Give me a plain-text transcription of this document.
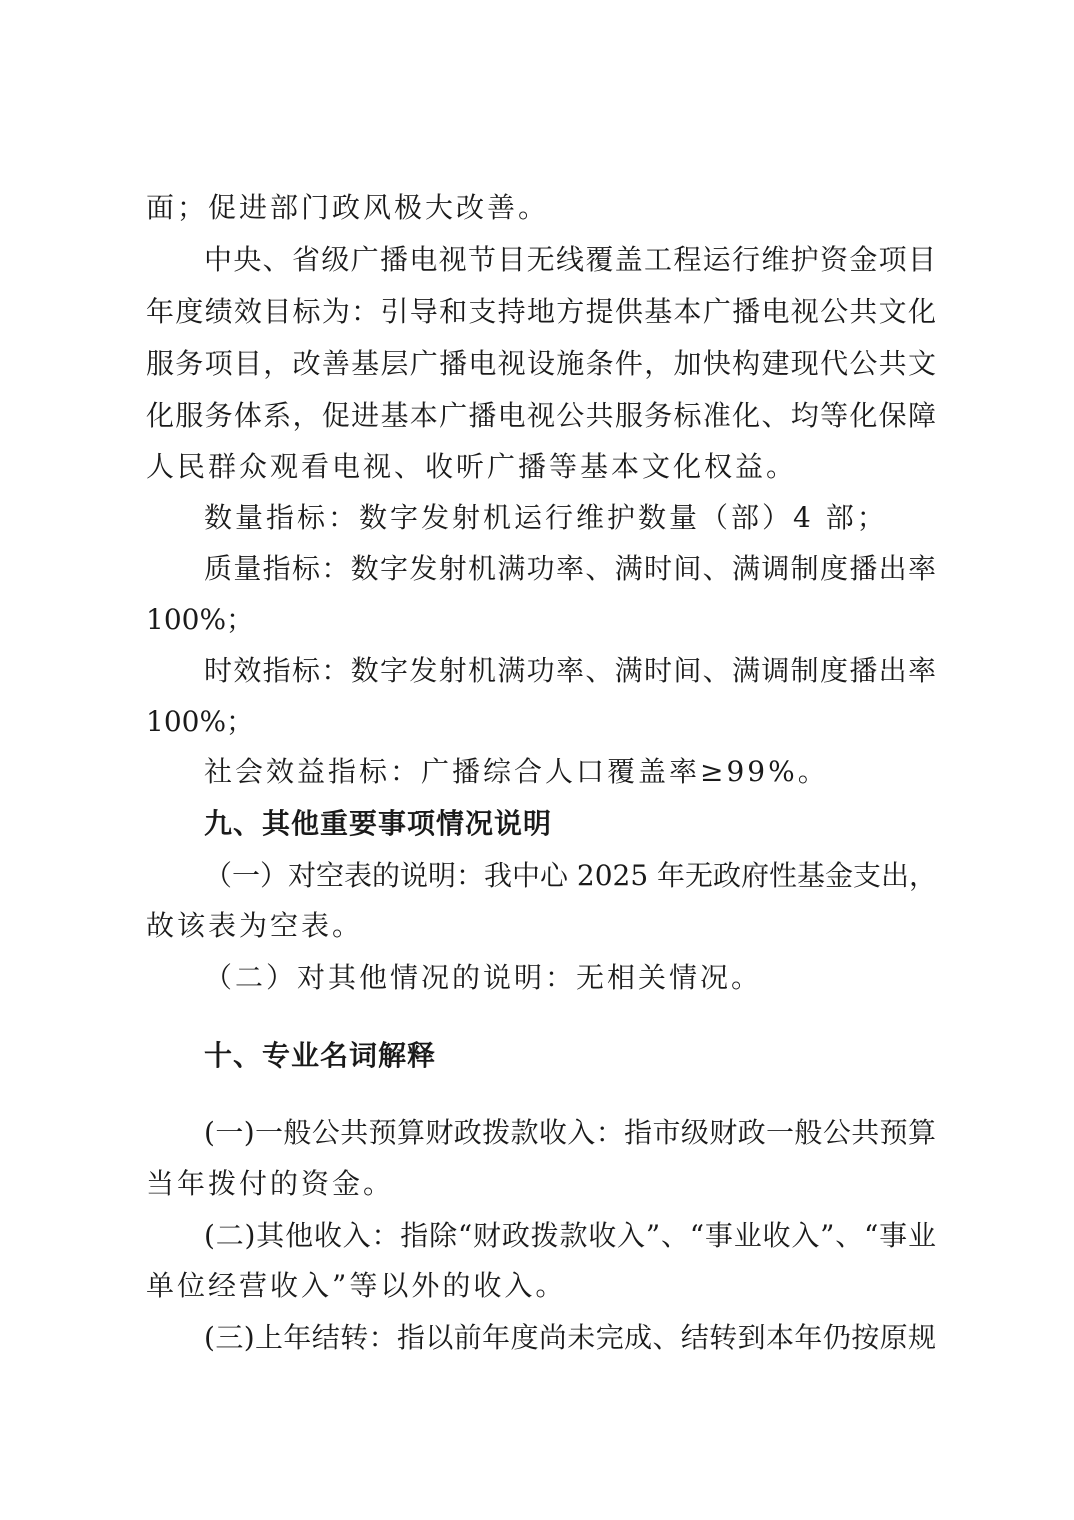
面；促进部门政风极大改善。
中央、省级广播电视节目无线覆盖工程运行维护资金项目
年度绩效目标为：引导和支持地方提供基本广播电视公共文化
服务项目，改善基层广播电视设施条件，加快构建现代公共文
化服务体系，促进基本广播电视公共服务标准化、均等化保障
人民群众观看电视、收听广播等基本文化权益。
数量指标：数字发射机运行维护数量（部）4 部；
质量指标：数字发射机满功率、满时间、满调制度播出率
100%；
时效指标：数字发射机满功率、满时间、满调制度播出率
100%；
社会效益指标：广播综合人口覆盖率≥99%。
九、其他重要事项情况说明
（一）对空表的说明：我中心 2025 年无政府性基金支出，
故该表为空表。
（二）对其他情况的说明：无相关情况。
十、专业名词解释
(一)一般公共预算财政拨款收入：指市级财政一般公共预算
当年拨付的资金。
(二)其他收入：指除“财政拨款收入”、“事业收入”、“事业
单位经营收入”等以外的收入。
(三)上年结转：指以前年度尚未完成、结转到本年仍按原规
